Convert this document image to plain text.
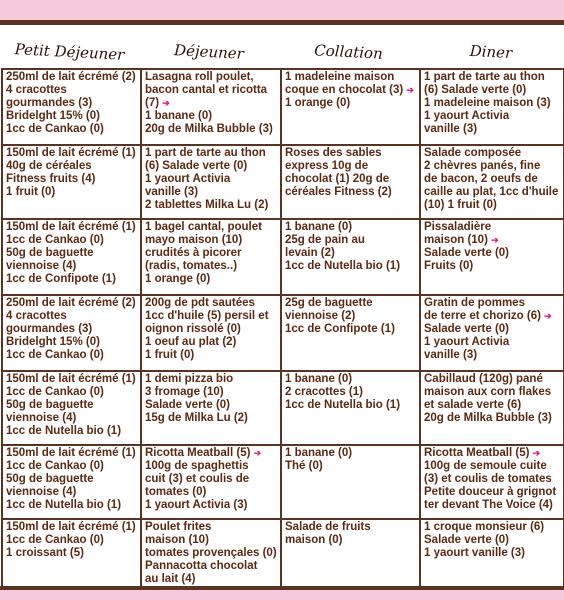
Petit Déjeuner	Déjeuner	Collation	Diner
250ml de lait écrémé (2)
4 cracottes
gourmandes (3)
Bridelght 15% (0)
1cc de Cankao (0)	Lasagna roll poulet,
bacon cantal et ricotta
(7) ➔
1 banane (0)
20g de Milka Bubble (3)	1 madeleine maison
coque en chocolat (3) ➔
1 orange (0)	1 part de tarte au thon
(6) Salade verte (0)
1 madeleine maison (3)
1 yaourt Activia
vanille (3)

150ml de lait écrémé (1)
40g de céréales
Fitness fruits (4)
1 fruit (0)	1 part de tarte au thon
(6) Salade verte (0)
1 yaourt Activia
vanille (3)
2 tablettes Milka Lu (2)	Roses des sables
express 10g de
chocolat (1) 20g de
céréales Fitness (2)	Salade composée
2 chèvres panés, fine
de bacon, 2 oeufs de
caille au plat, 1cc d'huile
(10) 1 fruit (0)

150ml de lait écrémé (1)
1cc de Cankao (0)
50g de baguette
viennoise (4)
1cc de Confipote (1)	1 bagel cantal, poulet
mayo maison (10)
crudités à picorer
(radis, tomates..)
1 orange (0)	1 banane (0)
25g de pain au
levain (2)
1cc de Nutella bio (1)	Pissaladière
maison (10) ➔
Salade verte (0)
Fruits (0)

250ml de lait écrémé (2)
4 cracottes
gourmandes (3)
Bridelght 15% (0)
1cc de Cankao (0)	200g de pdt sautées
1cc d'huile (5) persil et
oignon rissolé (0)
1 oeuf au plat (2)
1 fruit (0)	25g de baguette
viennoise (2)
1cc de Confipote (1)	Gratin de pommes
de terre et chorizo (6) ➔
Salade verte (0)
1 yaourt Activia
vanille (3)

150ml de lait écrémé (1)
1cc de Cankao (0)
50g de baguette
viennoise (4)
1cc de Nutella bio (1)	1 demi pizza bio
3 fromage (10)
Salade verte (0)
15g de Milka Lu (2)	1 banane (0)
2 cracottes (1)
1cc de Nutella bio (1)	Cabillaud (120g) pané
maison aux corn flakes
et salade verte (6)
20g de Milka Bubble (3)

150ml de lait écrémé (1)
1cc de Cankao (0)
50g de baguette
viennoise (4)
1cc de Nutella bio (1)	Ricotta Meatball (5) ➔
100g de spaghettis
cuit (3) et coulis de
tomates (0)
1 yaourt Activia (3)	1 banane (0)
Thé (0)	Ricotta Meatball (5) ➔
100g de semoule cuite
(3) et coulis de tomates
Petite douceur à grignot
ter devant The Voice (4)

150ml de lait écrémé (1)
1cc de Cankao (0)
1 croissant (5)	Poulet frites
maison (10)
tomates provençales (0)
Pannacotta chocolat
au lait (4)	Salade de fruits
maison (0)	1 croque monsieur (6)
Salade verte (0)
1 yaourt vanille (3)
